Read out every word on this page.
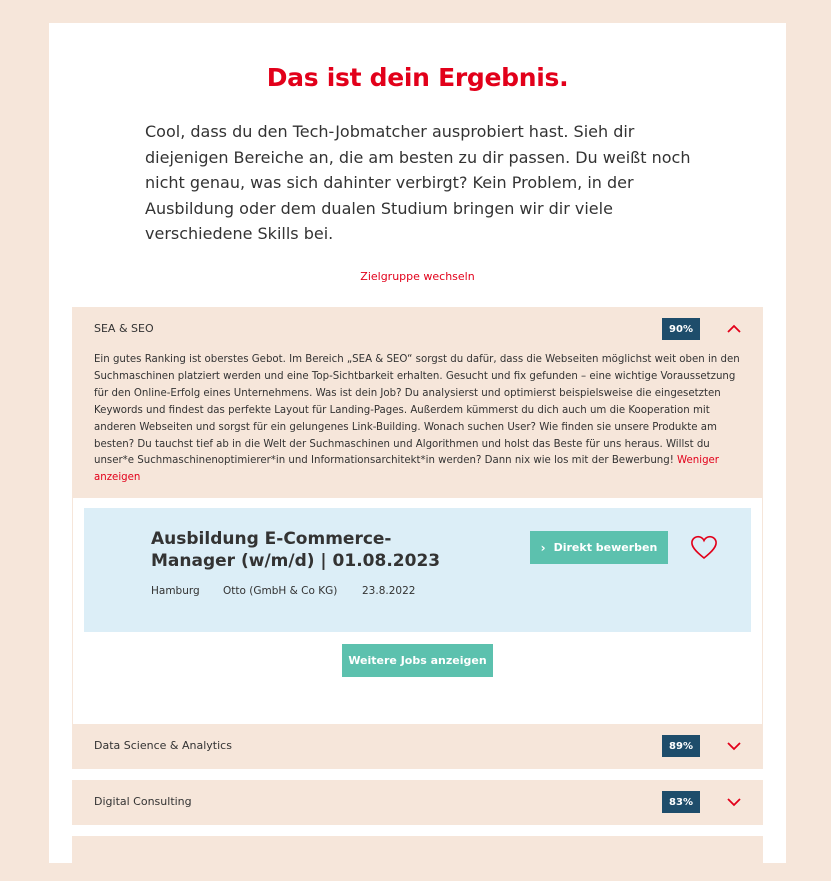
Das ist dein Ergebnis.
Cool, dass du den Tech-Jobmatcher ausprobiert hast. Sieh dir diejenigen Bereiche an, die am besten zu dir passen. Du weißt noch nicht genau, was sich dahinter verbirgt? Kein Problem, in der Ausbildung oder dem dualen Studium bringen wir dir viele verschiedene Skills bei.
Zielgruppe wechseln
SEA & SEO	90%
Ein gutes Ranking ist oberstes Gebot. Im Bereich „SEA & SEO“ sorgst du dafür, dass die Webseiten möglichst weit oben in den Suchmaschinen platziert werden und eine Top-Sichtbarkeit erhalten. Gesucht und fix gefunden – eine wichtige Voraussetzung für den Online-Erfolg eines Unternehmens. Was ist dein Job? Du analysierst und optimierst beispielsweise die eingesetzten Keywords und findest das perfekte Layout für Landing-Pages. Außerdem kümmerst du dich auch um die Kooperation mit anderen Webseiten und sorgst für ein gelungenes Link-Building. Wonach suchen User? Wie finden sie unsere Produkte am besten? Du tauchst tief ab in die Welt der Suchmaschinen und Algorithmen und holst das Beste für uns heraus. Willst du unser*e Suchmaschinenoptimierer*in und Informationsarchitekt*in werden? Dann nix wie los mit der Bewerbung! Weniger anzeigen
Ausbildung E-Commerce-Manager (w/m/d) | 01.08.2023
Hamburg Otto (GmbH & Co KG) 23.8.2022
› Direkt bewerben
Weitere Jobs anzeigen
Data Science & Analytics	89%
Digital Consulting	83%
